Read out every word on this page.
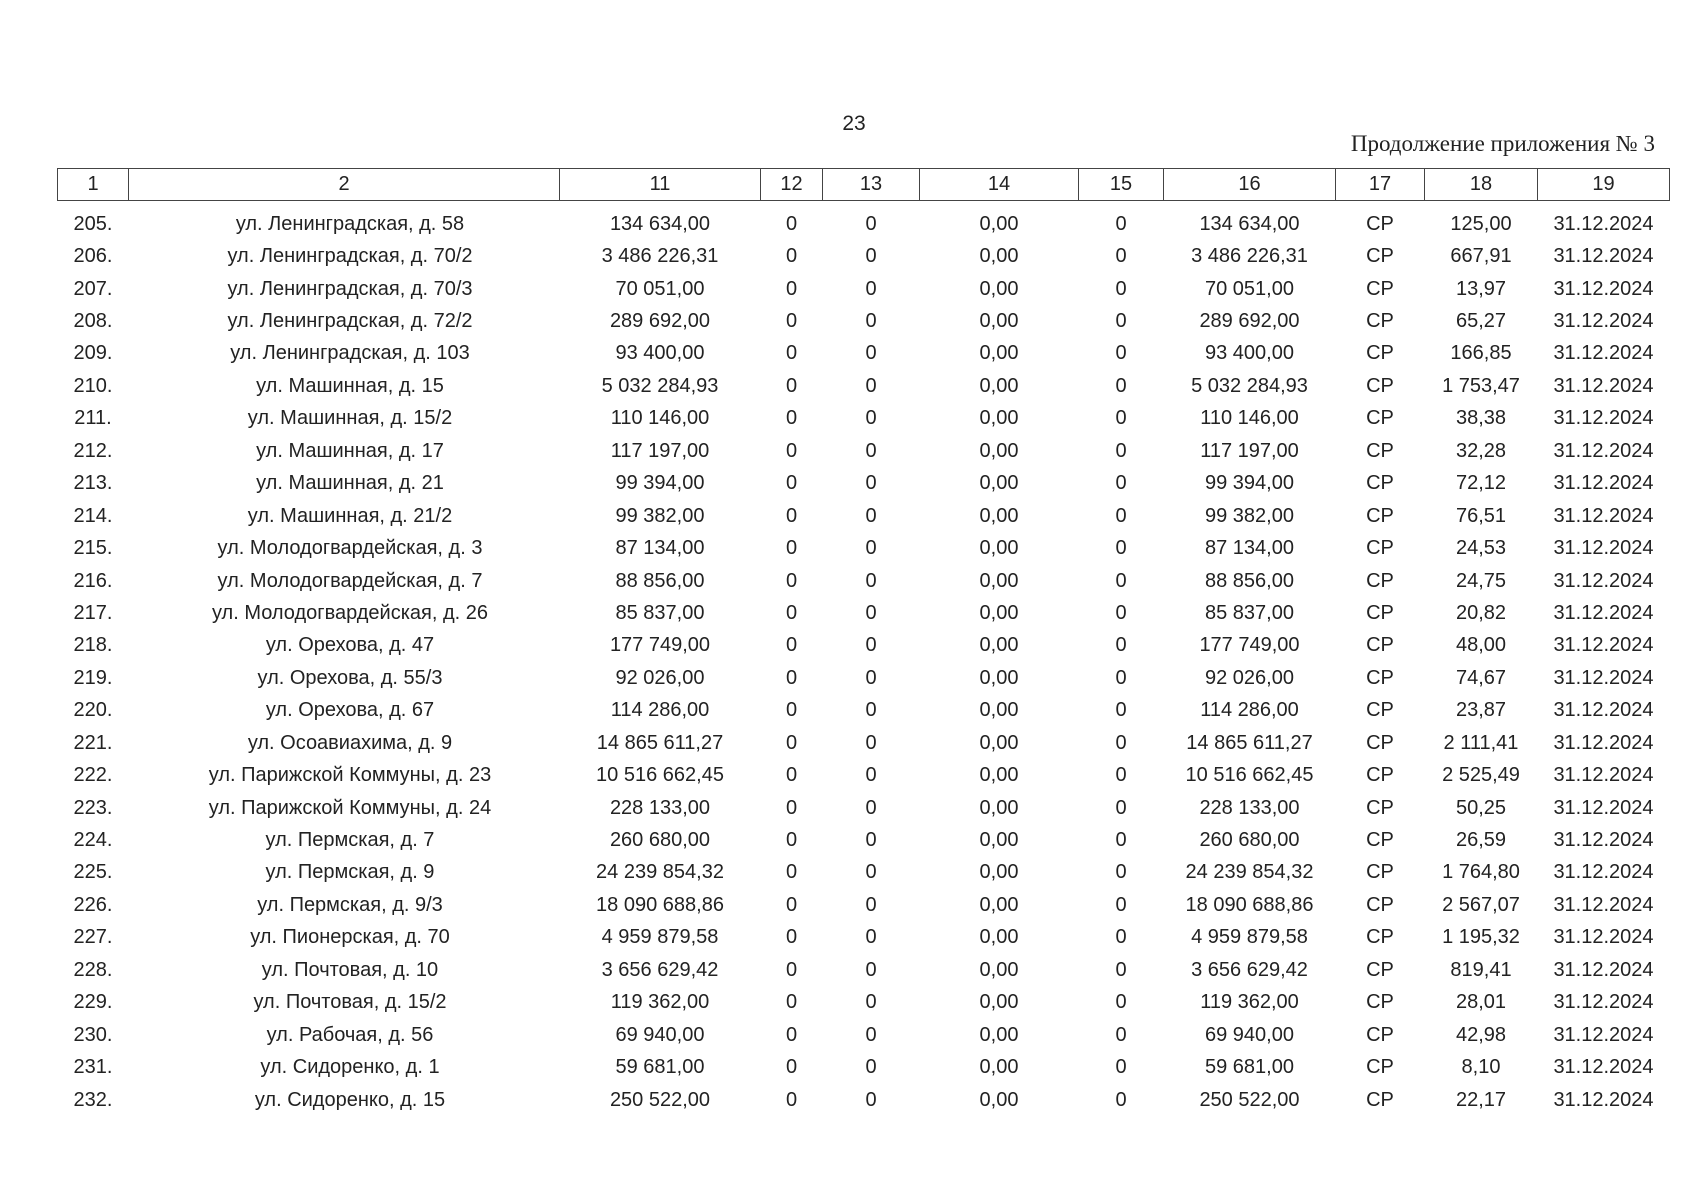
23
Продолжение приложения № 3
1	2	11	12	13	14	15	16	17	18	19
205.	ул. Ленинградская, д. 58	134 634,00	0	0	0,00	0	134 634,00	СР	125,00	31.12.2024
206.	ул. Ленинградская, д. 70/2	3 486 226,31	0	0	0,00	0	3 486 226,31	СР	667,91	31.12.2024
207.	ул. Ленинградская, д. 70/3	70 051,00	0	0	0,00	0	70 051,00	СР	13,97	31.12.2024
208.	ул. Ленинградская, д. 72/2	289 692,00	0	0	0,00	0	289 692,00	СР	65,27	31.12.2024
209.	ул. Ленинградская, д. 103	93 400,00	0	0	0,00	0	93 400,00	СР	166,85	31.12.2024
210.	ул. Машинная, д. 15	5 032 284,93	0	0	0,00	0	5 032 284,93	СР	1 753,47	31.12.2024
211.	ул. Машинная, д. 15/2	110 146,00	0	0	0,00	0	110 146,00	СР	38,38	31.12.2024
212.	ул. Машинная, д. 17	117 197,00	0	0	0,00	0	117 197,00	СР	32,28	31.12.2024
213.	ул. Машинная, д. 21	99 394,00	0	0	0,00	0	99 394,00	СР	72,12	31.12.2024
214.	ул. Машинная, д. 21/2	99 382,00	0	0	0,00	0	99 382,00	СР	76,51	31.12.2024
215.	ул. Молодогвардейская, д. 3	87 134,00	0	0	0,00	0	87 134,00	СР	24,53	31.12.2024
216.	ул. Молодогвардейская, д. 7	88 856,00	0	0	0,00	0	88 856,00	СР	24,75	31.12.2024
217.	ул. Молодогвардейская, д. 26	85 837,00	0	0	0,00	0	85 837,00	СР	20,82	31.12.2024
218.	ул. Орехова, д. 47	177 749,00	0	0	0,00	0	177 749,00	СР	48,00	31.12.2024
219.	ул. Орехова, д. 55/3	92 026,00	0	0	0,00	0	92 026,00	СР	74,67	31.12.2024
220.	ул. Орехова, д. 67	114 286,00	0	0	0,00	0	114 286,00	СР	23,87	31.12.2024
221.	ул. Осоавиахима, д. 9	14 865 611,27	0	0	0,00	0	14 865 611,27	СР	2 111,41	31.12.2024
222.	ул. Парижской Коммуны, д. 23	10 516 662,45	0	0	0,00	0	10 516 662,45	СР	2 525,49	31.12.2024
223.	ул. Парижской Коммуны, д. 24	228 133,00	0	0	0,00	0	228 133,00	СР	50,25	31.12.2024
224.	ул. Пермская, д. 7	260 680,00	0	0	0,00	0	260 680,00	СР	26,59	31.12.2024
225.	ул. Пермская, д. 9	24 239 854,32	0	0	0,00	0	24 239 854,32	СР	1 764,80	31.12.2024
226.	ул. Пермская, д. 9/3	18 090 688,86	0	0	0,00	0	18 090 688,86	СР	2 567,07	31.12.2024
227.	ул. Пионерская, д. 70	4 959 879,58	0	0	0,00	0	4 959 879,58	СР	1 195,32	31.12.2024
228.	ул. Почтовая, д. 10	3 656 629,42	0	0	0,00	0	3 656 629,42	СР	819,41	31.12.2024
229.	ул. Почтовая, д. 15/2	119 362,00	0	0	0,00	0	119 362,00	СР	28,01	31.12.2024
230.	ул. Рабочая, д. 56	69 940,00	0	0	0,00	0	69 940,00	СР	42,98	31.12.2024
231.	ул. Сидоренко, д. 1	59 681,00	0	0	0,00	0	59 681,00	СР	8,10	31.12.2024
232.	ул. Сидоренко, д. 15	250 522,00	0	0	0,00	0	250 522,00	СР	22,17	31.12.2024
